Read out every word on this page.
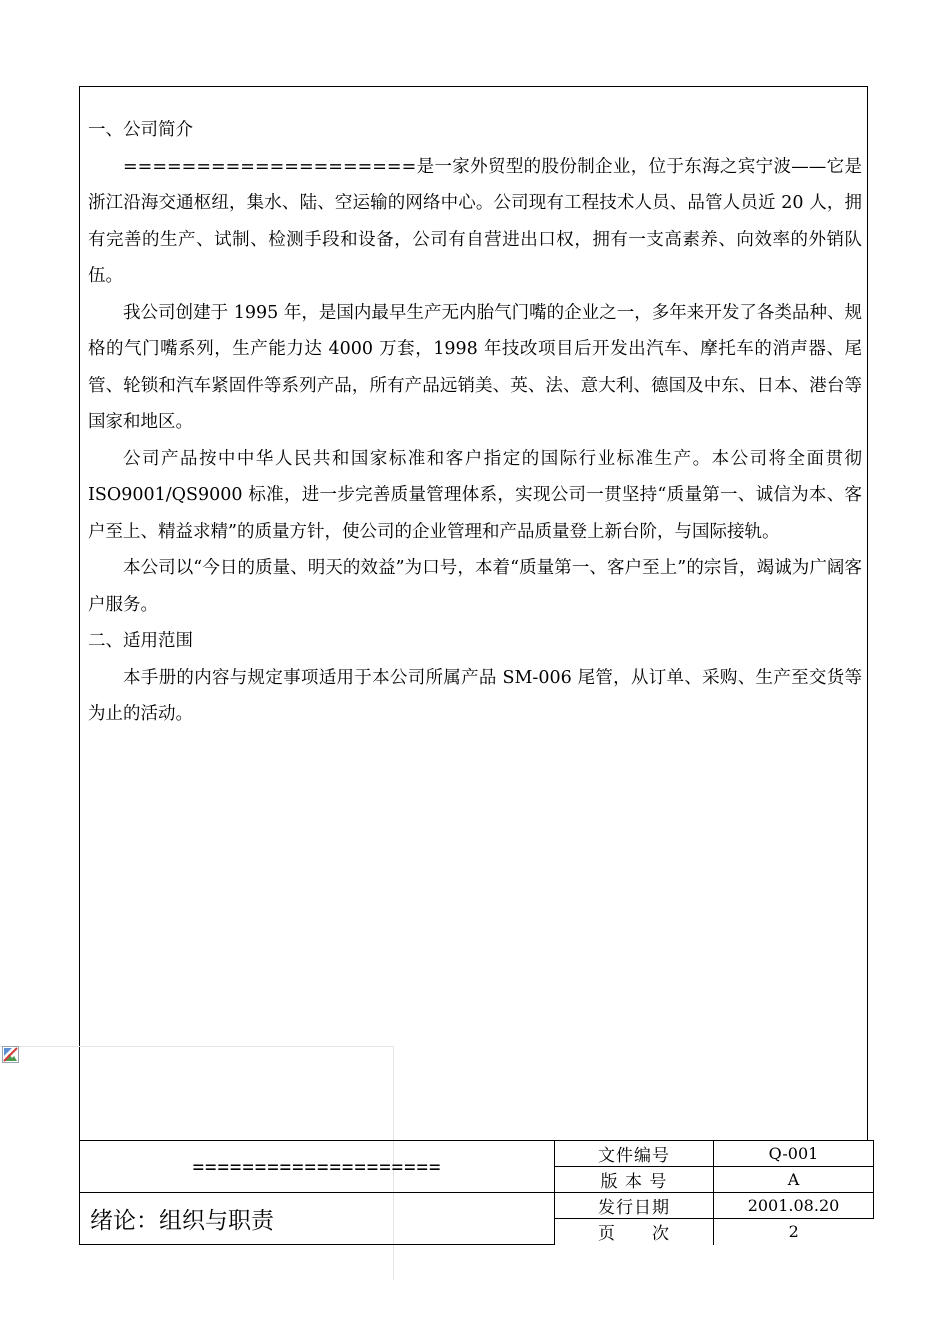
一、公司简介

====================是一家外贸型的股份制企业，位于东海之宾宁波——它是浙江沿海交通枢纽，集水、陆、空运输的网络中心。公司现有工程技术人员、品管人员近 20 人，拥有完善的生产、试制、检测手段和设备，公司有自营进出口权，拥有一支高素养、向效率的外销队伍。

我公司创建于 1995 年，是国内最早生产无内胎气门嘴的企业之一，多年来开发了各类品种、规格的气门嘴系列，生产能力达 4000 万套，1998 年技改项目后开发出汽车、摩托车的消声器、尾管、轮锁和汽车紧固件等系列产品，所有产品远销美、英、法、意大利、德国及中东、日本、港台等国家和地区。

公司产品按中中华人民共和国家标准和客户指定的国际行业标准生产。本公司将全面贯彻 ISO9001/QS9000 标准，进一步完善质量管理体系，实现公司一贯坚持“质量第一、诚信为本、客户至上、精益求精”的质量方针，使公司的企业管理和产品质量登上新台阶，与国际接轨。

本公司以“今日的质量、明天的效益”为口号，本着“质量第一、客户至上”的宗旨，竭诚为广阔客户服务。

二、适用范围

本手册的内容与规定事项适用于本公司所属产品 SM-006 尾管，从订单、采购、生产至交货等为止的活动。

====================	文件编号	Q-001
	版 本 号	A
绪论：组织与职责	发行日期	2001.08.20
	页　　次	2
